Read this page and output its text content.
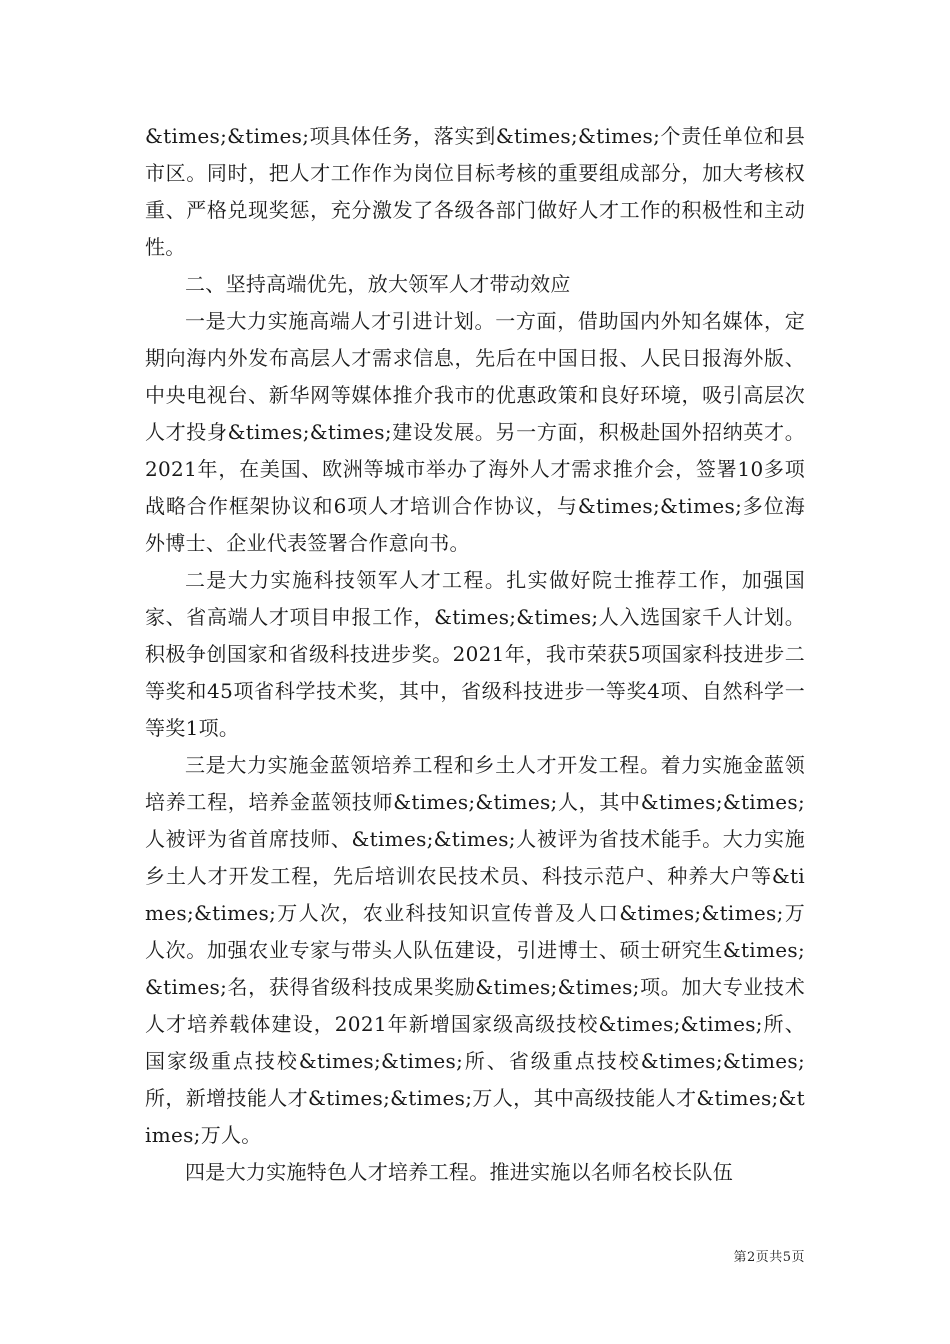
&times;&times;项具体任务，落实到&times;&times;个责任单位和县市区。同时，把人才工作作为岗位目标考核的重要组成部分，加大考核权重、严格兑现奖惩，充分激发了各级各部门做好人才工作的积极性和主动性。

二、坚持高端优先，放大领军人才带动效应

一是大力实施高端人才引进计划。一方面，借助国内外知名媒体，定期向海内外发布高层人才需求信息，先后在中国日报、人民日报海外版、中央电视台、新华网等媒体推介我市的优惠政策和良好环境，吸引高层次人才投身&times;&times;建设发展。另一方面，积极赴国外招纳英才。2021年，在美国、欧洲等城市举办了海外人才需求推介会，签署10多项战略合作框架协议和6项人才培训合作协议，与&times;&times;多位海外博士、企业代表签署合作意向书。

二是大力实施科技领军人才工程。扎实做好院士推荐工作，加强国家、省高端人才项目申报工作，&times;&times;人入选国家千人计划。积极争创国家和省级科技进步奖。2021年，我市荣获5项国家科技进步二等奖和45项省科学技术奖，其中，省级科技进步一等奖4项、自然科学一等奖1项。

三是大力实施金蓝领培养工程和乡土人才开发工程。着力实施金蓝领培养工程，培养金蓝领技师&times;&times;人，其中&times;&times;人被评为省首席技师、&times;&times;人被评为省技术能手。大力实施乡土人才开发工程，先后培训农民技术员、科技示范户、种养大户等&times;&times;万人次，农业科技知识宣传普及人口&times;&times;万人次。加强农业专家与带头人队伍建设，引进博士、硕士研究生&times;&times;名，获得省级科技成果奖励&times;&times;项。加大专业技术人才培养载体建设，2021年新增国家级高级技校&times;&times;所、国家级重点技校&times;&times;所、省级重点技校&times;&times;所，新增技能人才&times;&times;万人，其中高级技能人才&times;&times;万人。

四是大力实施特色人才培养工程。推进实施以名师名校长队伍

第2页共5页
